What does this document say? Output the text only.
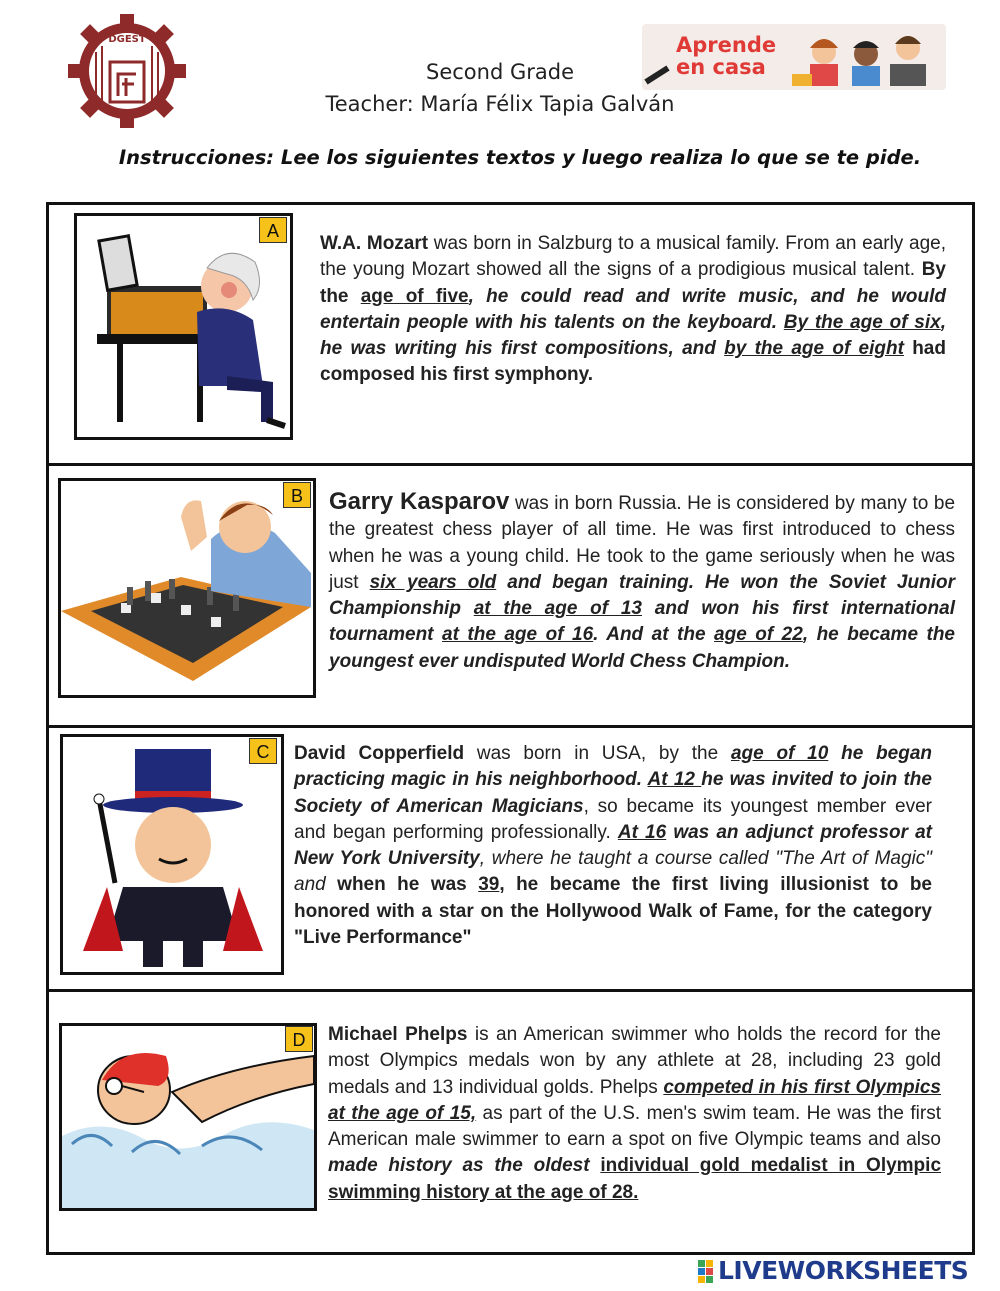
DGEST
Second Grade
Teacher: María Félix Tapia Galván
Aprende
en casa
Instrucciones: Lee los siguientes textos y luego realiza lo que se te pide.
A
W.A. Mozart was born in Salzburg to a musical family. From an early age, the young Mozart showed all the signs of a prodigious musical talent. By the age of five, he could read and write music, and he would entertain people with his talents on the keyboard. By the age of six, he was writing his first compositions, and by the age of eight had composed his first symphony.
B	Garry Kasparov was in born Russia. He is considered by many to be the greatest chess player of all time. He was first introduced to chess when he was a young child. He took to the game seriously when he was just six years old and began training. He won the Soviet Junior Championship at the age of 13 and won his first international tournament at the age of 16. And at the age of 22, he became the youngest ever undisputed World Chess Champion.
C	David Copperfield was born in USA, by the age of 10 he began practicing magic in his neighborhood. At 12 he was invited to join the Society of American Magicians, so became its youngest member ever and began performing professionally. At 16 was an adjunct professor at New York University, where he taught a course called "The Art of Magic" and when he was 39, he became the first living illusionist to be honored with a star on the Hollywood Walk of Fame, for the category "Live Performance"
D	Michael Phelps is an American swimmer who holds the record for the most Olympics medals won by any athlete at 28, including 23 gold medals and 13 individual golds. Phelps competed in his first Olympics at the age of 15, as part of the U.S. men's swim team. He was the first American male swimmer to earn a spot on five Olympic teams and also made history as the oldest individual gold medalist in Olympic swimming history at the age of 28.
LIVEWORKSHEETS
